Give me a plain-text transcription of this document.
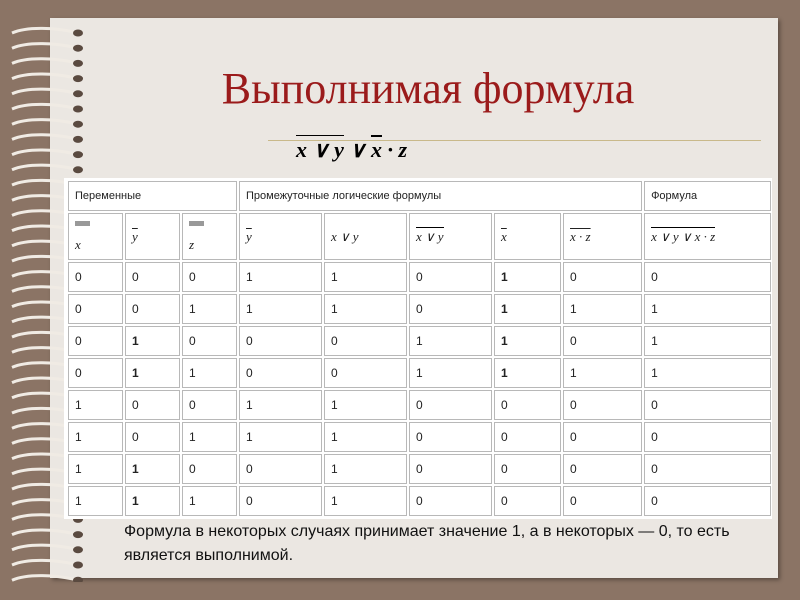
Выполнимая формула
x ∨ y ∨ $\overline{x} \cdot z$
Переменные			Промежуточные логические формулы					Формула

x	$\overline{y}$	z	$\overline{y}$	x ∨ y	x ∨ y	$\overline{x}$	x · z	x ∨ y ∨ x · z
0	0	0	1	1	0	1	0	0
0	0	1	1	1	0	1	1	1
0	1	0	0	0	1	1	0	1
0	1	1	0	0	1	1	1	1
1	0	0	1	1	0	0	0	0
1	0	1	1	1	0	0	0	0
1	1	0	0	1	0	0	0	0
1	1	1	0	1	0	0	0	0
Формула в некоторых случаях принимает значение 1, а в некоторых — 0, то есть является выполнимой.
